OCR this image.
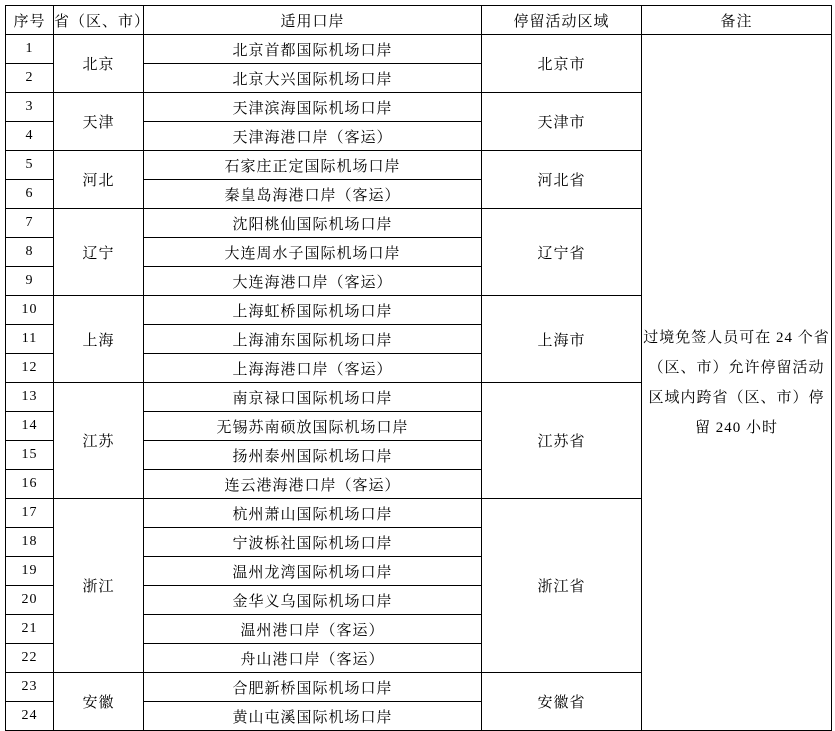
序号	省（区、市）	适用口岸	停留活动区域	备注
1	北京	北京首都国际机场口岸	北京市	过境免签人员可在 24 个省（区、市）允许停留活动区域内跨省（区、市）停留 240 小时
2		北京大兴国际机场口岸		
3	天津	天津滨海国际机场口岸	天津市	
4		天津海港口岸（客运）		
5	河北	石家庄正定国际机场口岸	河北省	
6		秦皇岛海港口岸（客运）		
7	辽宁	沈阳桃仙国际机场口岸	辽宁省	
8		大连周水子国际机场口岸		
9		大连海港口岸（客运）		
10	上海	上海虹桥国际机场口岸	上海市	
11		上海浦东国际机场口岸		
12		上海海港口岸（客运）		
13	江苏	南京禄口国际机场口岸	江苏省	
14		无锡苏南硕放国际机场口岸		
15		扬州泰州国际机场口岸		
16		连云港海港口岸（客运）		
17	浙江	杭州萧山国际机场口岸	浙江省	
18		宁波栎社国际机场口岸		
19		温州龙湾国际机场口岸		
20		金华义乌国际机场口岸		
21		温州港口岸（客运）		
22		舟山港口岸（客运）		
23	安徽	合肥新桥国际机场口岸	安徽省	
24		黄山屯溪国际机场口岸		
